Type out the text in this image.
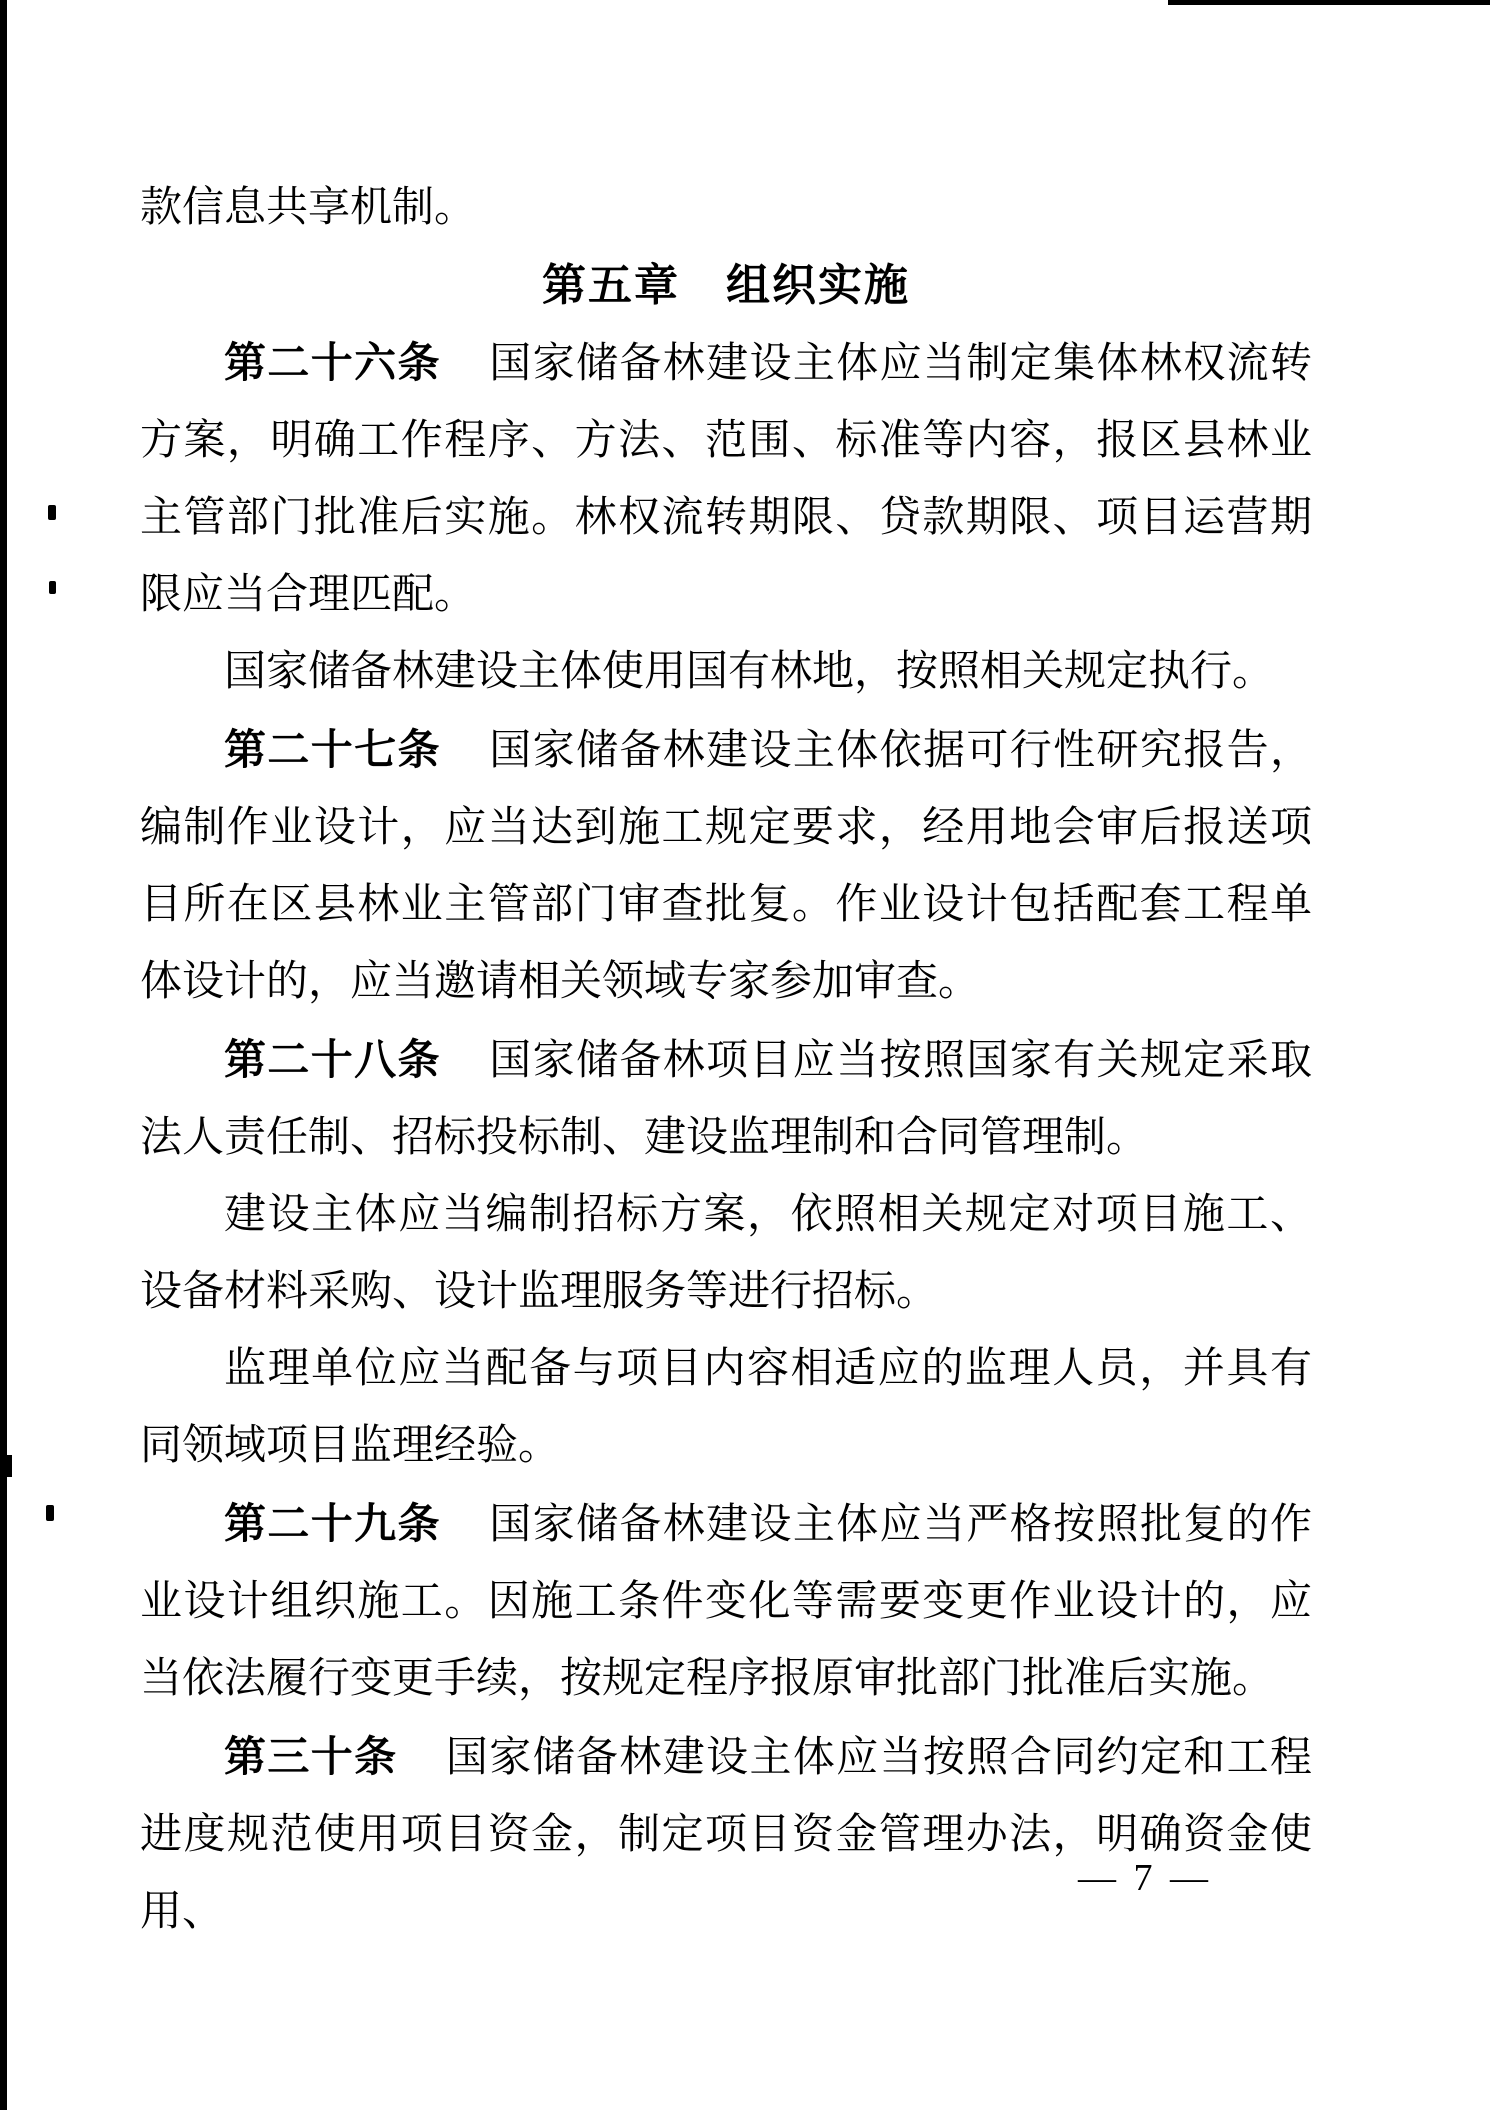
款信息共享机制。

第五章　组织实施

第二十六条 国家储备林建设主体应当制定集体林权流转方案，明确工作程序、方法、范围、标准等内容，报区县林业主管部门批准后实施。林权流转期限、贷款期限、项目运营期限应当合理匹配。

国家储备林建设主体使用国有林地，按照相关规定执行。

第二十七条 国家储备林建设主体依据可行性研究报告，编制作业设计，应当达到施工规定要求，经用地会审后报送项目所在区县林业主管部门审查批复。作业设计包括配套工程单体设计的，应当邀请相关领域专家参加审查。

第二十八条 国家储备林项目应当按照国家有关规定采取法人责任制、招标投标制、建设监理制和合同管理制。

建设主体应当编制招标方案，依照相关规定对项目施工、设备材料采购、设计监理服务等进行招标。

监理单位应当配备与项目内容相适应的监理人员，并具有同领域项目监理经验。

第二十九条 国家储备林建设主体应当严格按照批复的作业设计组织施工。因施工条件变化等需要变更作业设计的，应当依法履行变更手续，按规定程序报原审批部门批准后实施。

第三十条 国家储备林建设主体应当按照合同约定和工程进度规范使用项目资金，制定项目资金管理办法，明确资金使用、

— 7 —
